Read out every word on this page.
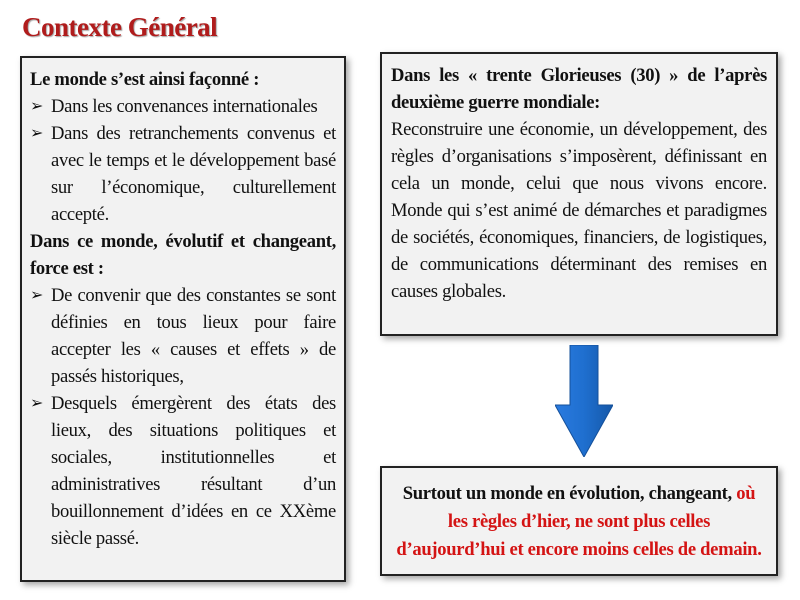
Contexte Général
Le monde s’est ainsi façonné :
➢ Dans les convenances internationales
➢ Dans des retranchements convenus et avec le temps et le développement basé sur l’économique, culturellement accepté.
Dans ce monde, évolutif et changeant, force est :
➢ De convenir que des constantes se sont définies en tous lieux pour faire accepter les « causes et effets » de passés historiques,
➢ Desquels émergèrent des états des lieux, des situations politiques et sociales, institutionnelles et administratives résultant d’un bouillonnement d’idées en ce XXème siècle passé.
Dans les « trente Glorieuses (30) » de l’après deuxième guerre mondiale:
Reconstruire une économie, un développement, des règles d’organisations s’imposèrent, définissant en cela un monde, celui que nous vivons encore. Monde qui s’est animé de démarches et paradigmes de sociétés, économiques, financiers, de logistiques, de communications déterminant des remises en causes globales.
Surtout un monde en évolution, changeant, où les règles d’hier, ne sont plus celles d’aujourd’hui et encore moins celles de demain.
